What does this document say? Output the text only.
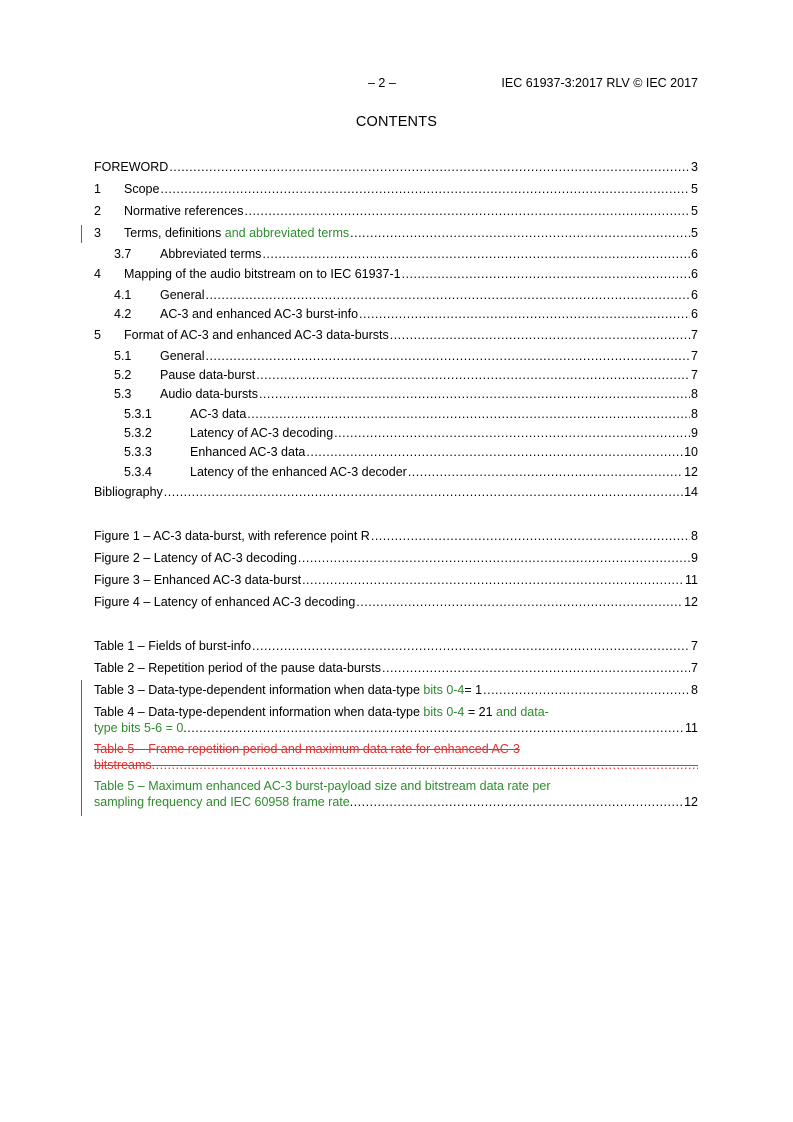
– 2 –	IEC 61937-3:2017 RLV © IEC 2017
CONTENTS
FOREWORD .....	3
1	Scope .....	5
2	Normative references .....	5
3	Terms, definitions and abbreviated terms .....	5
3.7	Abbreviated terms .....	6
4	Mapping of the audio bitstream on to IEC 61937-1 .....	6
4.1	General .....	6
4.2	AC-3 and enhanced AC-3 burst-info .....	6
5	Format of AC-3 and enhanced AC-3 data-bursts .....	7
5.1	General .....	7
5.2	Pause data-burst .....	7
5.3	Audio data-bursts .....	8
5.3.1	AC-3 data .....	8
5.3.2	Latency of AC-3 decoding .....	9
5.3.3	Enhanced AC-3 data .....	10
5.3.4	Latency of the enhanced AC-3 decoder .....	12
Bibliography .....	14
Figure 1 – AC-3 data-burst, with reference point R .....	8
Figure 2 – Latency of AC-3 decoding .....	9
Figure 3 – Enhanced AC-3 data-burst .....	11
Figure 4 – Latency of enhanced AC-3 decoding .....	12
Table 1 – Fields of burst-info .....	7
Table 2 – Repetition period of the pause data-bursts .....	7
Table 3 – Data-type-dependent information when data-type bits 0-4= 1 .....	8
Table 4 – Data-type-dependent information when data-type bits 0-4 = 21 and data-
type bits 5-6 = 0 .....	11
Table 5 – Frame repetition period and maximum data rate for enhanced AC-3
bitstreams
.....
Table 5 – Maximum enhanced AC-3 burst-payload size and bitstream data rate per
sampling frequency and IEC 60958 frame rate .....	12
